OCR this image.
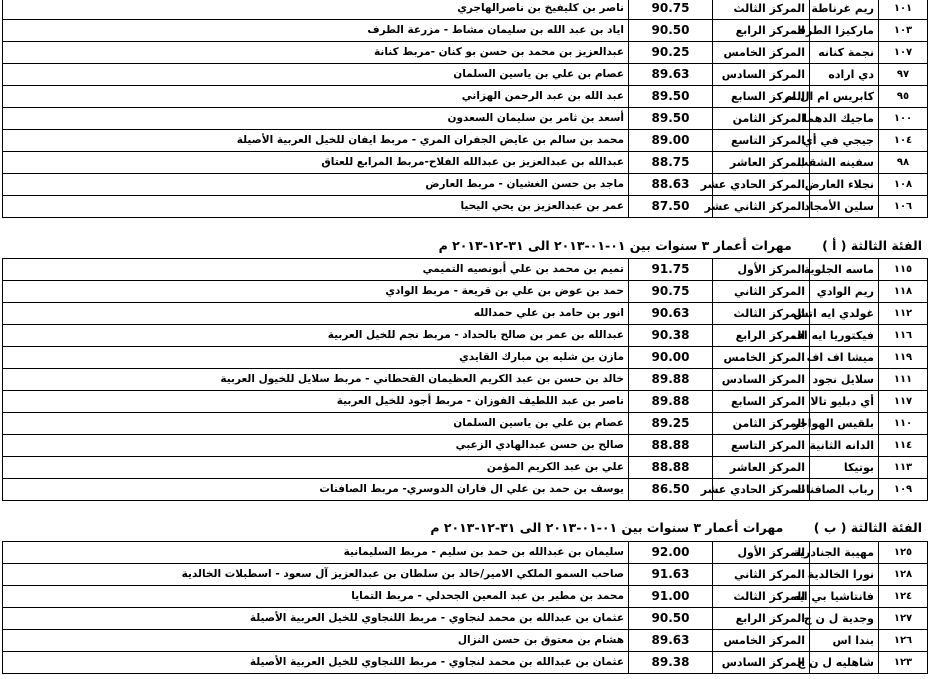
١٠١	ريم غرناطة	المركز الثالث	90.75	ناصر بن كليفيخ بن ناصرالهاجري
١٠٣	ماركيزا الطرف	المركز الرابع	90.50	اياد بن عبد الله بن سليمان مشاط - مزرعة الطرف
١٠٧	نجمة كنانه	المركز الخامس	90.25	عبدالعزيز بن محمد بن حسن بو كنان -مربط كنانة
٩٧	دي اراده	المركز السادس	89.63	عصام بن علي بن ياسين السلمان
٩٥	كابريس ام ال ام	المركز السابع	89.50	عبد الله بن عبد الرحمن الهزاني
١٠٠	ماجيك الدهما	المركز الثامن	89.50	أسعد بن ثامر بن سليمان السعدون
١٠٤	جيجي في أي	المركز التاسع	89.00	محمد بن سالم بن عايض الجفران المري - مربط ايفان للخيل العربية الأصيلة
٩٨	سفينه الشقب	المركز العاشر	88.75	عبدالله بن عبدالعزيز بن عبدالله الفلاح-مربط المرابع للعتاق
١٠٨	نجلاء العارض	المركز الحادي عشر	88.63	ماجد بن حسن الغشيان - مربط العارض
١٠٦	سلين الأمجاد	المركز الثاني عشر	87.50	عمر بن عبدالعزيز بن يحي اليحيا
الفئة الثالثة ( أ ) مهرات أعمار ٣ سنوات بين ٠١-٠١-٢٠١٣ الى ٣١-١٢-٢٠١٣ م
١١٥	ماسه الجلوية	المركز الأول	91.75	تميم بن محمد بن علي أبونصيه التميمي
١١٨	ريم الوادي	المركز الثاني	90.75	حمد بن عوض بن علي بن قريعة - مربط الوادي
١١٢	غولدي ايه اتش	المركز الثالث	90.63	انور بن حامد بن علي حمدالله
١١٦	فيكتوريا ايه اف	المركز الرابع	90.38	عبدالله بن عمر بن صالح بالحداد - مربط نجم للخيل العربية
١١٩	ميشا اف اف	المركز الخامس	90.00	مازن بن شليه بن مبارك القايدي
١١١	سلايل نجود	المركز السادس	89.88	خالد بن حسن بن عبد الكريم العظيمان القحطاني - مربط سلايل للخيول العربية
١١٧	أي دبليو تالا	المركز السابع	89.88	ناصر بن عبد اللطيف الفوزان - مربط أجود للخيل العربية
١١٠	بلقيس الهواجر	المركز الثامن	89.25	عصام بن علي بن ياسين السلمان
١١٤	الدانه الثانية	المركز التاسع	88.88	صالح بن حسن عبدالهادي الزعبي
١١٣	بوتيكا	المركز العاشر	88.88	علي بن عبد الكريم المؤمن
١٠٩	رباب الصافنات	المركز الحادي عشر	86.50	يوسف بن حمد بن علي ال فاران الدوسري- مربط الصافنات
الفئة الثالثة ( ب ) مهرات أعمار ٣ سنوات بين ٠١-٠١-٢٠١٣ الى ٣١-١٢-٢٠١٣ م
١٢٥	مهيبة الجنادرية	المركز الأول	92.00	سليمان بن عبدالله بن حمد بن سليم - مربط السليمانية
١٢٨	نورا الخالدية	المركز الثاني	91.63	صاحب السمو الملكي الامير/خالد بن سلطان بن عبدالعزيز آل سعود - اسطبلات الخالدية
١٢٤	فانتاشيا بي ايه	المركز الثالث	91.00	محمد بن مطير بن عبد المعين الجحدلي - مربط التمايا
١٢٧	وجدية ل ن ج	المركز الرابع	90.50	عثمان بن عبدالله بن محمد لنجاوي - مربط اللنجاوي للخيل العربية الأصيلة
١٢٦	بندا اس	المركز الخامس	89.63	هشام بن معتوق بن حسن النزال
١٢٣	شاهليه ل ن ج	المركز السادس	89.38	عثمان بن عبدالله بن محمد لنجاوي - مربط اللنجاوي للخيل العربية الأصيلة
